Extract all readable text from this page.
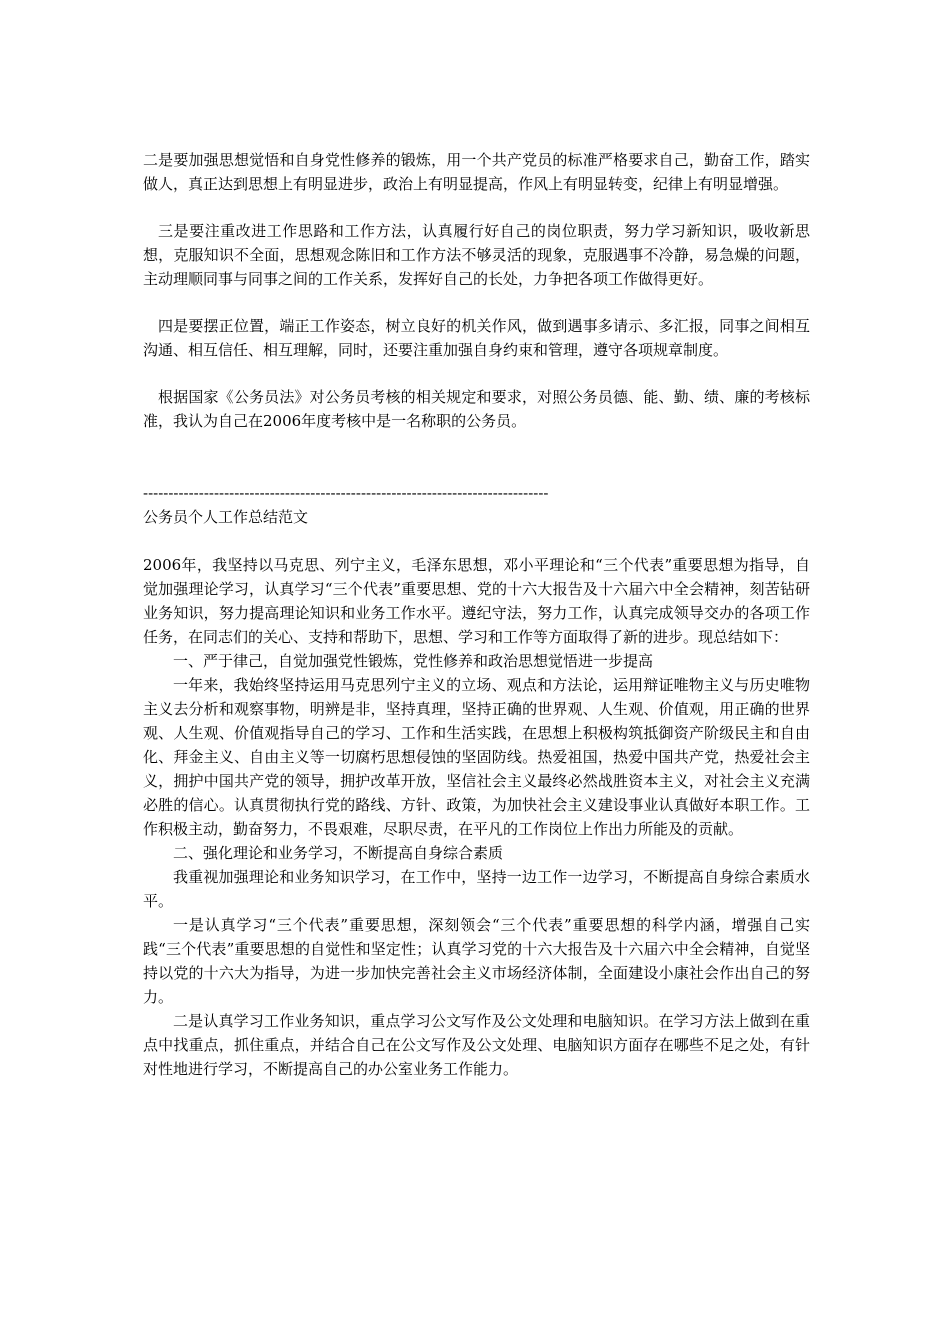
二是要加强思想觉悟和自身党性修养的锻炼，用一个共产党员的标准严格要求自己，勤奋工作，踏实做人，真正达到思想上有明显进步，政治上有明显提高，作风上有明显转变，纪律上有明显增强。

三是要注重改进工作思路和工作方法，认真履行好自己的岗位职责，努力学习新知识，吸收新思想，克服知识不全面，思想观念陈旧和工作方法不够灵活的现象，克服遇事不冷静，易急燥的问题，主动理顺同事与同事之间的工作关系，发挥好自己的长处，力争把各项工作做得更好。

四是要摆正位置，端正工作姿态，树立良好的机关作风，做到遇事多请示、多汇报，同事之间相互沟通、相互信任、相互理解，同时，还要注重加强自身约束和管理，遵守各项规章制度。

根据国家《公务员法》对公务员考核的相关规定和要求，对照公务员德、能、勤、绩、廉的考核标准，我认为自己在2006年度考核中是一名称职的公务员。

--------------------------------------------------------------------------------

公务员个人工作总结范文

2006年，我坚持以马克思、列宁主义，毛泽东思想，邓小平理论和“三个代表”重要思想为指导，自觉加强理论学习，认真学习“三个代表”重要思想、党的十六大报告及十六届六中全会精神，刻苦钻研业务知识，努力提高理论知识和业务工作水平。遵纪守法，努力工作，认真完成领导交办的各项工作任务，在同志们的关心、支持和帮助下，思想、学习和工作等方面取得了新的进步。现总结如下：

一、严于律己，自觉加强党性锻炼，党性修养和政治思想觉悟进一步提高

一年来，我始终坚持运用马克思列宁主义的立场、观点和方法论，运用辩证唯物主义与历史唯物主义去分析和观察事物，明辨是非，坚持真理，坚持正确的世界观、人生观、价值观，用正确的世界观、人生观、价值观指导自己的学习、工作和生活实践，在思想上积极构筑抵御资产阶级民主和自由化、拜金主义、自由主义等一切腐朽思想侵蚀的坚固防线。热爱祖国，热爱中国共产党，热爱社会主义，拥护中国共产党的领导，拥护改革开放，坚信社会主义最终必然战胜资本主义，对社会主义充满必胜的信心。认真贯彻执行党的路线、方针、政策，为加快社会主义建设事业认真做好本职工作。工作积极主动，勤奋努力，不畏艰难，尽职尽责，在平凡的工作岗位上作出力所能及的贡献。

二、强化理论和业务学习，不断提高自身综合素质

我重视加强理论和业务知识学习，在工作中，坚持一边工作一边学习，不断提高自身综合素质水平。

一是认真学习“三个代表”重要思想，深刻领会“三个代表”重要思想的科学内涵，增强自己实践“三个代表”重要思想的自觉性和坚定性；认真学习党的十六大报告及十六届六中全会精神，自觉坚持以党的十六大为指导，为进一步加快完善社会主义市场经济体制，全面建设小康社会作出自己的努力。

二是认真学习工作业务知识，重点学习公文写作及公文处理和电脑知识。在学习方法上做到在重点中找重点，抓住重点，并结合自己在公文写作及公文处理、电脑知识方面存在哪些不足之处，有针对性地进行学习，不断提高自己的办公室业务工作能力。
